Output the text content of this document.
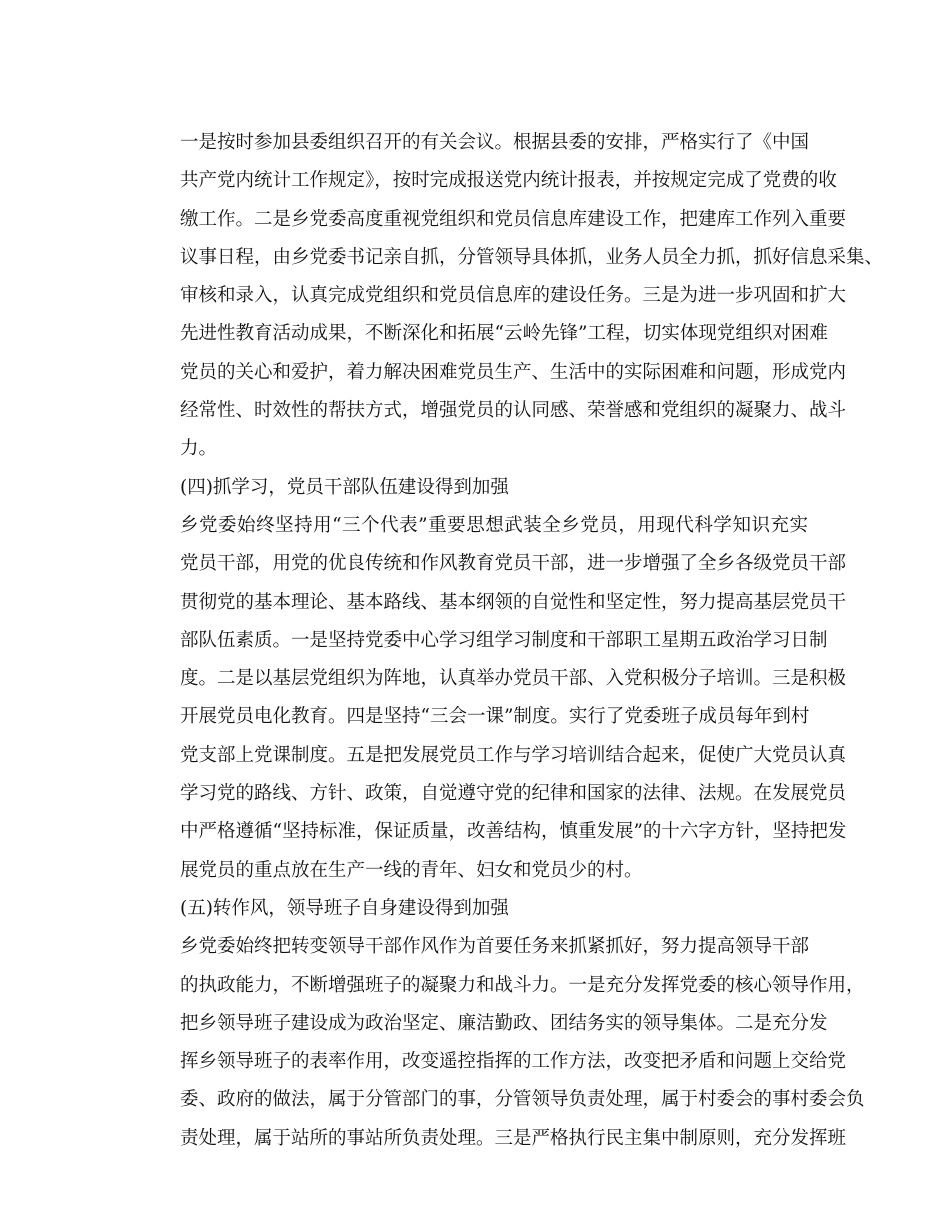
一是按时参加县委组织召开的有关会议。根据县委的安排，严格实行了《中国
共产党内统计工作规定》，按时完成报送党内统计报表，并按规定完成了党费的收
缴工作。二是乡党委高度重视党组织和党员信息库建设工作，把建库工作列入重要
议事日程，由乡党委书记亲自抓，分管领导具体抓，业务人员全力抓，抓好信息采集、
审核和录入，认真完成党组织和党员信息库的建设任务。三是为进一步巩固和扩大
先进性教育活动成果，不断深化和拓展“云岭先锋”工程，切实体现党组织对困难
党员的关心和爱护，着力解决困难党员生产、生活中的实际困难和问题，形成党内
经常性、时效性的帮扶方式，增强党员的认同感、荣誉感和党组织的凝聚力、战斗
力。
(四)抓学习，党员干部队伍建设得到加强
乡党委始终坚持用“三个代表”重要思想武装全乡党员，用现代科学知识充实
党员干部，用党的优良传统和作风教育党员干部，进一步增强了全乡各级党员干部
贯彻党的基本理论、基本路线、基本纲领的自觉性和坚定性，努力提高基层党员干
部队伍素质。一是坚持党委中心学习组学习制度和干部职工星期五政治学习日制
度。二是以基层党组织为阵地，认真举办党员干部、入党积极分子培训。三是积极
开展党员电化教育。四是坚持“三会一课”制度。实行了党委班子成员每年到村
党支部上党课制度。五是把发展党员工作与学习培训结合起来，促使广大党员认真
学习党的路线、方针、政策，自觉遵守党的纪律和国家的法律、法规。在发展党员
中严格遵循“坚持标准，保证质量，改善结构，慎重发展”的十六字方针，坚持把发
展党员的重点放在生产一线的青年、妇女和党员少的村。
(五)转作风，领导班子自身建设得到加强
乡党委始终把转变领导干部作风作为首要任务来抓紧抓好，努力提高领导干部
的执政能力，不断增强班子的凝聚力和战斗力。一是充分发挥党委的核心领导作用，
把乡领导班子建设成为政治坚定、廉洁勤政、团结务实的领导集体。二是充分发
挥乡领导班子的表率作用，改变遥控指挥的工作方法，改变把矛盾和问题上交给党
委、政府的做法，属于分管部门的事，分管领导负责处理，属于村委会的事村委会负
责处理，属于站所的事站所负责处理。三是严格执行民主集中制原则，充分发挥班
